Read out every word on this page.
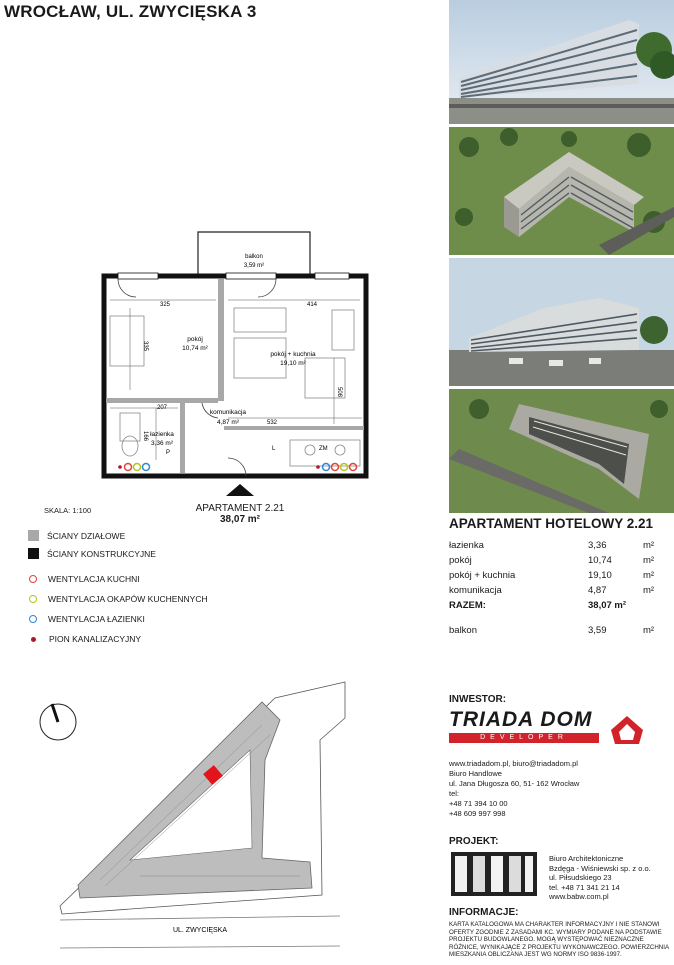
WROCŁAW, UL. ZWYCIĘSKA 3
balkon
3,59 m²
pokój
10,74 m²
pokój + kuchnia
19,10 m²
komunikacja
4,87 m²
łazienka
3,36 m²
325	414
335
207
166
532
508
L	ZM
P
APARTAMENT 2.21
38,07 m²
SKALA: 1:100
ŚCIANY DZIAŁOWE
ŚCIANY KONSTRUKCYJNE
WENTYLACJA KUCHNI
WENTYLACJA OKAPÓW KUCHENNYCH
WENTYLACJA ŁAZIENKI
PION KANALIZACYJNY
APARTAMENT HOTELOWY 2.21
łazienka	3,36	m²
pokój	10,74	m²
pokój + kuchnia	19,10	m²
komunikacja	4,87	m²
RAZEM:	38,07 m²
balkon	3,59	m²
UL. ZWYCIĘSKA
INWESTOR:
TRIADA DOM
DEVELOPER
www.triadadom.pl, biuro@triadadom.pl
Biuro Handlowe
ul. Jana Długosza 60, 51- 162 Wrocław
tel:
+48 71 394 10 00
+48 609 997 998
PROJEKT:
Biuro Architektoniczne
Bzdęga - Wiśniewski sp. z o.o.
ul. Piłsudskiego 23
tel. +48 71 341 21 14
www.babw.com.pl
INFORMACJE:
KARTA KATALOGOWA MA CHARAKTER INFORMACYJNY I NIE STANOWI
OFERTY ZGODNIE Z ZASADAMI KC. WYMIARY PODANE NA PODSTAWIE
PROJEKTU BUDOWLANEGO. MOGĄ WYSTĘPOWAĆ NIEZNACZNE
RÓŻNICE, WYNIKAJĄCE Z PROJEKTU WYKONAWCZEGO. POWIERZCHNIA
MIESZKANIA OBLICZANA JEST WG NORMY ISO 9836-1997.
